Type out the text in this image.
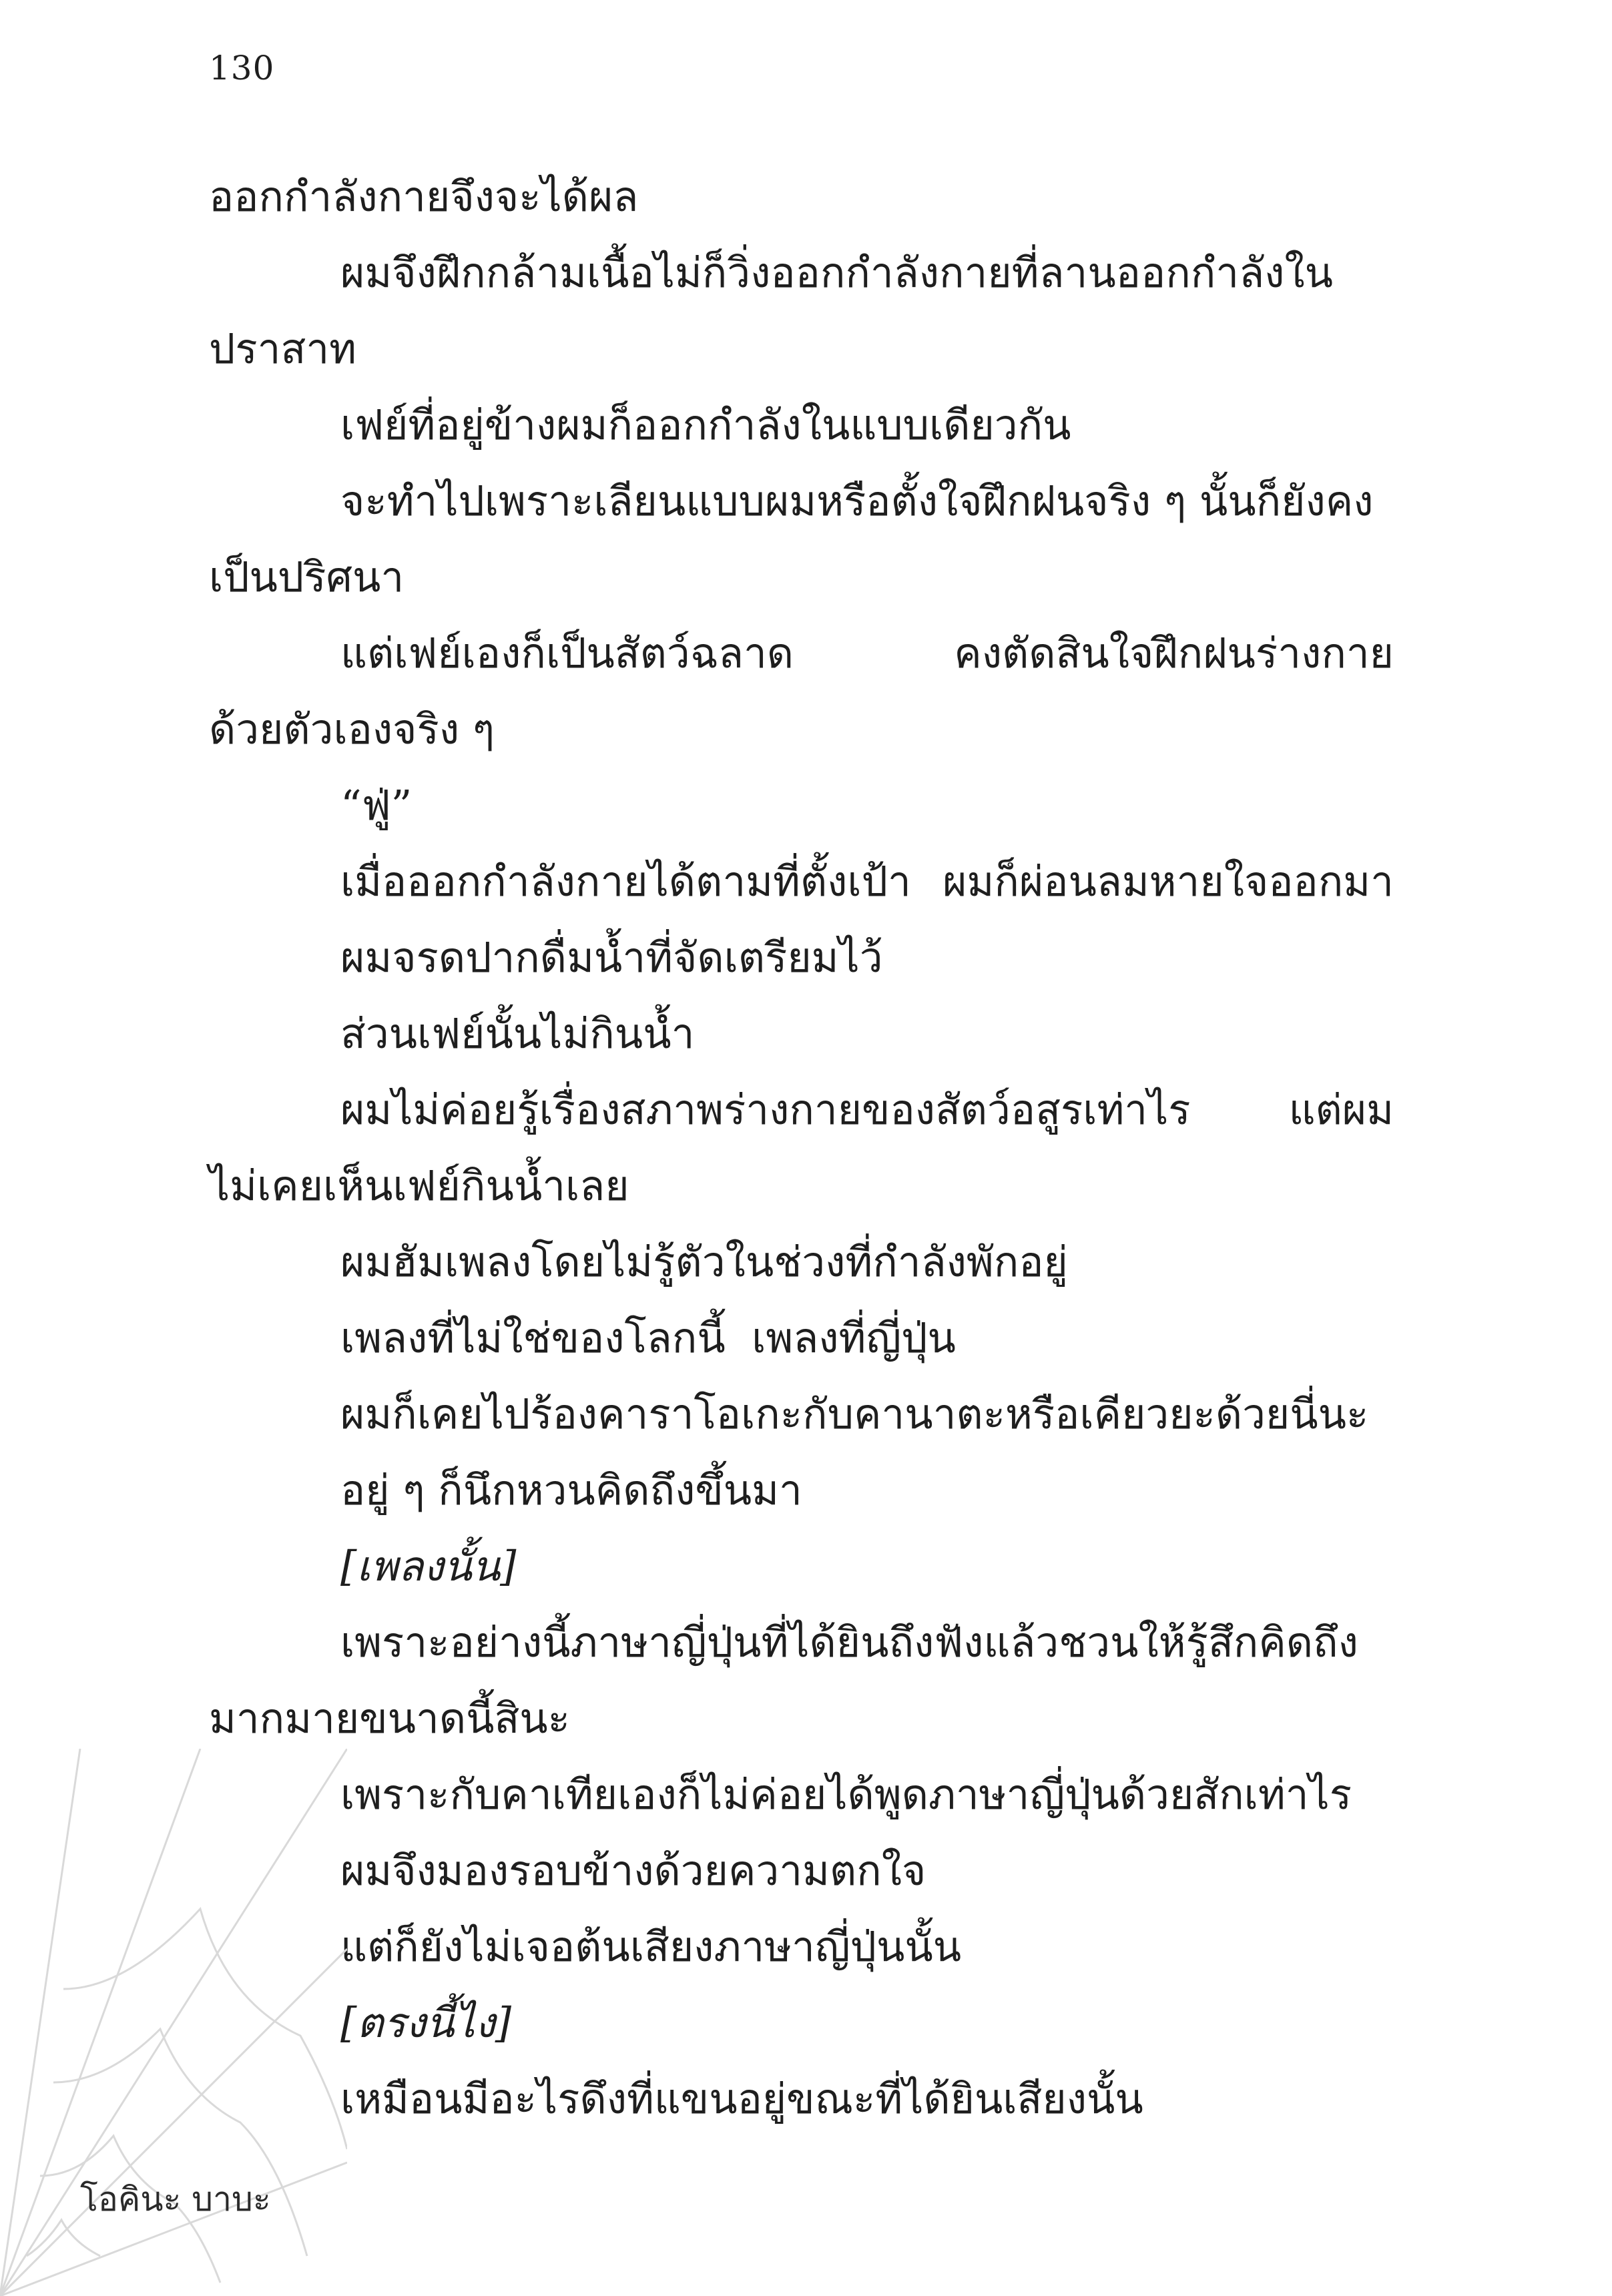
130
ออกกำลังกายจึงจะได้ผล
ผมจึงฝึกกล้ามเนื้อไม่ก็วิ่งออกกำลังกายที่ลานออกกำลังใน
ปราสาท
เฟย์ที่อยู่ข้างผมก็ออกกำลังในแบบเดียวกัน
จะทำไปเพราะเลียนแบบผมหรือตั้งใจฝึกฝนจริง ๆ นั้นก็ยังคง
เป็นปริศนา
แต่เฟย์เองก็เป็นสัตว์ฉลาด	คงตัดสินใจฝึกฝนร่างกาย
ด้วยตัวเองจริง ๆ
“ฟู่”
เมื่อออกกำลังกายได้ตามที่ตั้งเป้า ผมก็ผ่อนลมหายใจออกมา
ผมจรดปากดื่มน้ำที่จัดเตรียมไว้
ส่วนเฟย์นั้นไม่กินน้ำ
ผมไม่ค่อยรู้เรื่องสภาพร่างกายของสัตว์อสูรเท่าไร แต่ผม
ไม่เคยเห็นเฟย์กินน้ำเลย
ผมฮัมเพลงโดยไม่รู้ตัวในช่วงที่กำลังพักอยู่
เพลงที่ไม่ใช่ของโลกนี้ เพลงที่ญี่ปุ่น
ผมก็เคยไปร้องคาราโอเกะกับคานาตะหรือเคียวยะด้วยนี่นะ
อยู่ ๆ ก็นึกหวนคิดถึงขึ้นมา
[เพลงนั้น]
เพราะอย่างนี้ภาษาญี่ปุ่นที่ได้ยินถึงฟังแล้วชวนให้รู้สึกคิดถึง
มากมายขนาดนี้สินะ
เพราะกับคาเทียเองก็ไม่ค่อยได้พูดภาษาญี่ปุ่นด้วยสักเท่าไร
ผมจึงมองรอบข้างด้วยความตกใจ
แต่ก็ยังไม่เจอต้นเสียงภาษาญี่ปุ่นนั้น
[ตรงนี้ไง]
เหมือนมีอะไรดึงที่แขนอยู่ขณะที่ได้ยินเสียงนั้น
โอคินะ บาบะ
